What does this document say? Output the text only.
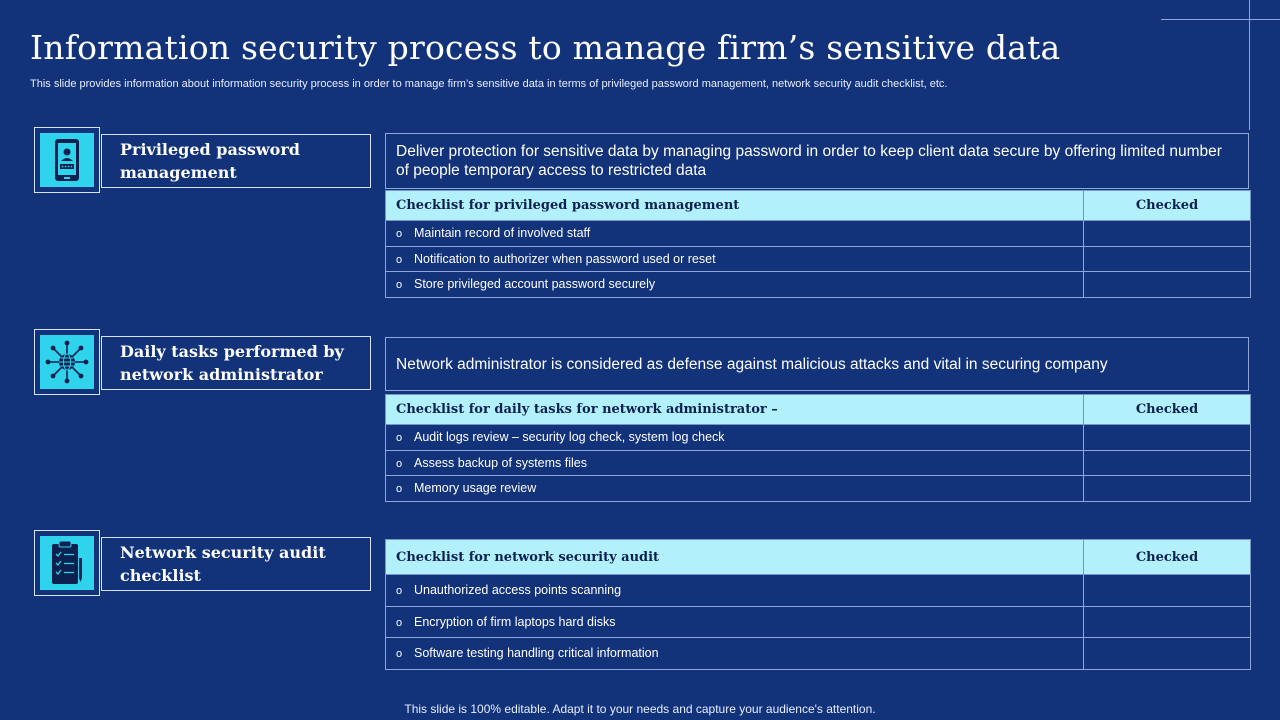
Information security process to manage firm’s sensitive data
This slide provides information about information security process in order to manage firm’s sensitive data in terms of privileged password management, network security audit checklist, etc.
Privileged password management
Deliver protection for sensitive data by managing password in order to keep client data secure by offering limited number of people temporary access to restricted data
Checklist for privileged password management	Checked
o Maintain record of involved staff	
o Notification to authorizer when password used or reset	
o Store privileged account password securely	
Daily tasks performed by network administrator
Network administrator is considered as defense against malicious attacks and vital in securing company
Checklist for daily tasks for network administrator –	Checked
o Audit logs review – security log check, system log check	
o Assess backup of systems files	
o Memory usage review	
Network security audit checklist
Checklist for network security audit	Checked
o Unauthorized access points scanning	
o Encryption of firm laptops hard disks	
o Software testing handling critical information	
This slide is 100% editable. Adapt it to your needs and capture your audience's attention.
